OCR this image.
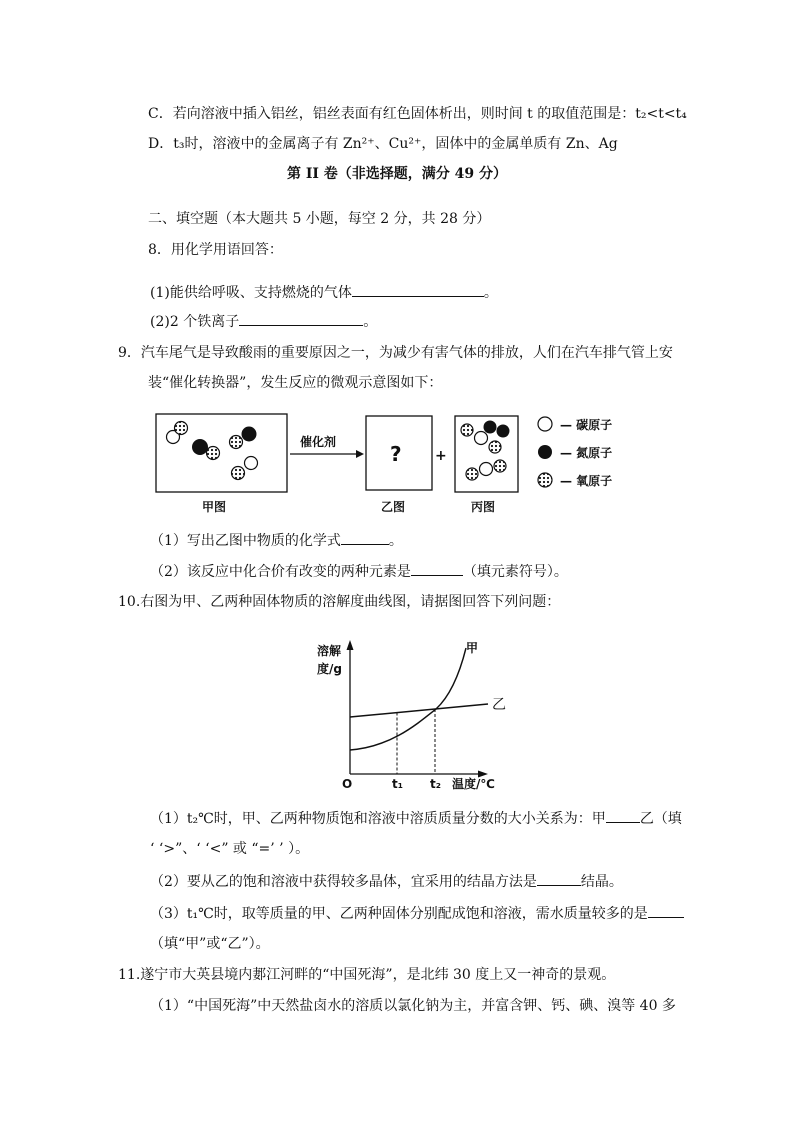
C．若向溶液中插入铝丝，铝丝表面有红色固体析出，则时间 t 的取值范围是：t₂<t<t₄
D．t₃时，溶液中的金属离子有 Zn²⁺、Cu²⁺，固体中的金属单质有 Zn、Ag
第 II 卷（非选择题，满分 49 分）
二、填空题（本大题共 5 小题，每空 2 分，共 28 分）
8．用化学用语回答：
(1)能供给呼吸、支持燃烧的气体	。
(2)2 个铁离子	。
9．汽车尾气是导致酸雨的重要原因之一，为减少有害气体的排放，人们在汽车排气管上安
装“催化转换器”，发生反应的微观示意图如下：
催化剂	? +
— 碳原子
— 氮原子
— 氧原子
甲图	乙图	丙图
（1）写出乙图中物质的化学式	。
（2）该反应中化合价有改变的两种元素是	（填元素符号）。
10.右图为甲、乙两种固体物质的溶解度曲线图，请据图回答下列问题：
溶解
度/g
O	t₁ t₂ 温度/℃
甲
乙
（1）t₂℃时，甲、乙两种物质饱和溶液中溶质质量分数的大小关系为：甲 乙（填
‘ ‘>”、‘ ‘<” 或 “=’ ’ ）。
（2）要从乙的饱和溶液中获得较多晶体，宜采用的结晶方法是	结晶。
（3）t₁℃时，取等质量的甲、乙两种固体分别配成饱和溶液，需水质量较多的是
（填“甲”或“乙”）。
11.遂宁市大英县境内郪江河畔的“中国死海”，是北纬 30 度上又一神奇的景观。
（1）“中国死海”中天然盐卤水的溶质以氯化钠为主，并富含钾、钙、碘、溴等 40 多
